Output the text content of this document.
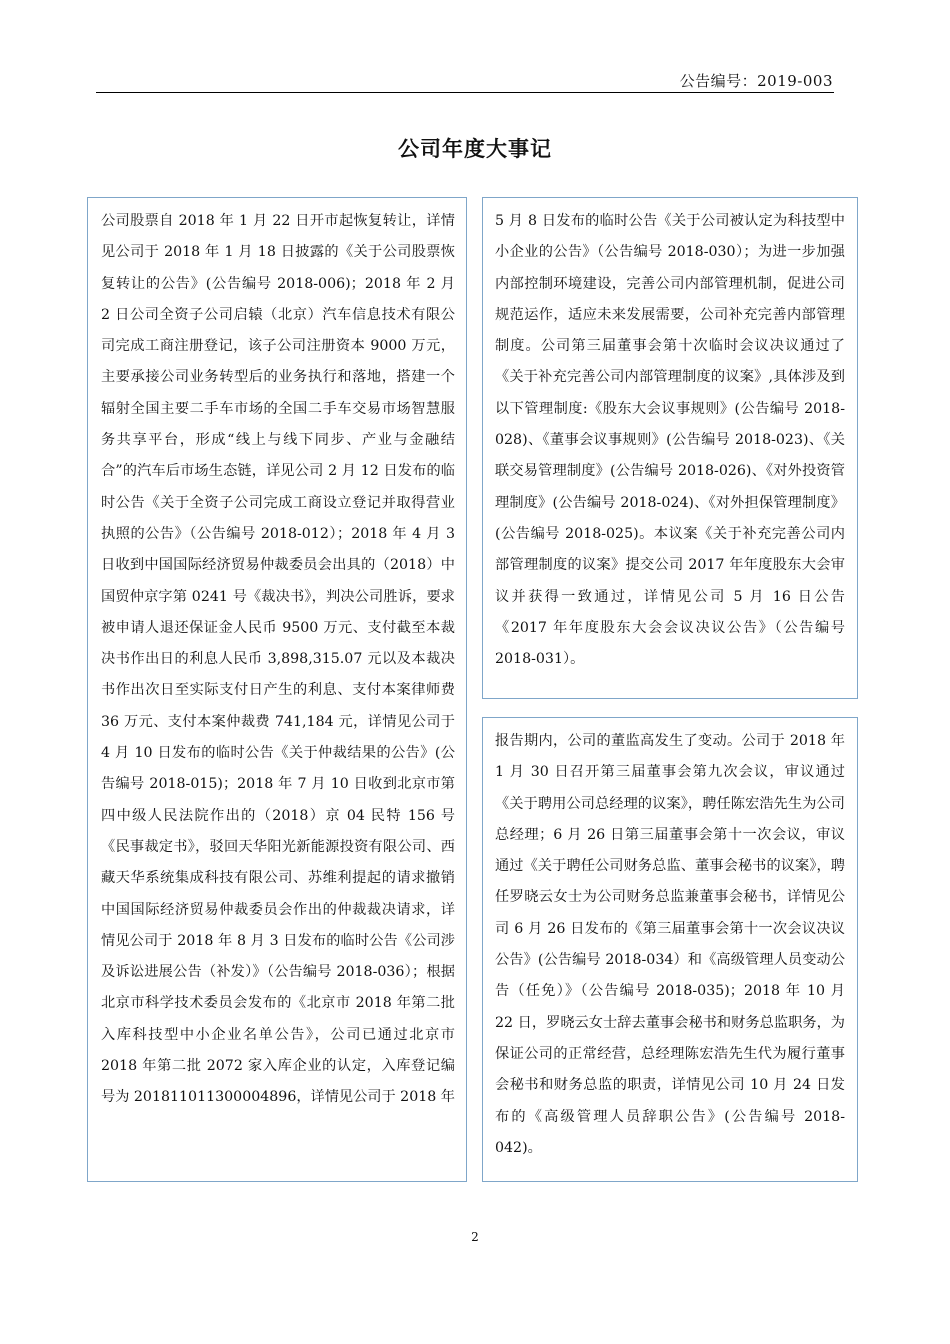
公告编号：2019-003
公司年度大事记

公司股票自 2018 年 1 月 22 日开市起恢复转让，详情见公司于 2018 年 1 月 18 日披露的《关于公司股票恢复转让的公告》(公告编号 2018-006)；2018 年 2 月 2 日公司全资子公司启辕（北京）汽车信息技术有限公司完成工商注册登记，该子公司注册资本 9000 万元，主要承接公司业务转型后的业务执行和落地，搭建一个辐射全国主要二手车市场的全国二手车交易市场智慧服务共享平台，形成“线上与线下同步、产业与金融结合”的汽车后市场生态链，详见公司 2 月 12 日发布的临时公告《关于全资子公司完成工商设立登记并取得营业执照的公告》（公告编号 2018-012）；2018 年 4 月 3 日收到中国国际经济贸易仲裁委员会出具的（2018）中国贸仲京字第 0241 号《裁决书》，判决公司胜诉，要求被申请人退还保证金人民币 9500 万元、支付截至本裁决书作出日的利息人民币 3,898,315.07 元以及本裁决书作出次日至实际支付日产生的利息、支付本案律师费 36 万元、支付本案仲裁费 741,184 元，详情见公司于 4 月 10 日发布的临时公告《关于仲裁结果的公告》(公告编号 2018-015)；2018 年 7 月 10 日收到北京市第四中级人民法院作出的（2018）京 04 民特 156 号《民事裁定书》，驳回天华阳光新能源投资有限公司、西藏天华系统集成科技有限公司、苏维利提起的请求撤销中国国际经济贸易仲裁委员会作出的仲裁裁决请求，详情见公司于 2018 年 8 月 3 日发布的临时公告《公司涉及诉讼进展公告（补发）》（公告编号 2018-036）；根据北京市科学技术委员会发布的《北京市 2018 年第二批入库科技型中小企业名单公告》，公司已通过北京市 2018 年第二批 2072 家入库企业的认定，入库登记编号为 20181101130000​4896，详情见公司于 2018 年

5 月 8 日发布的临时公告《关于公司被认定为科技型中小企业的公告》（公告编号 2018-030）；为进一步加强内部控制环境建设，完善公司内部管理机制，促进公司规范运作，适应未来发展需要，公司补充完善内部管理制度。公司第三届董事会第十次临时会议决议通过了《关于补充完善公司内部管理制度的议案》,具体涉及到以下管理制度:《股东大会议事规则》(公告编号 2018-028)、《董事会议事规则》(公告编号 2018-023)、《关联交易管理制度》(公告编号 2018-026)、《对外投资管理制度》(公告编号 2018-024)、《对外担保管理制度》(公告编号 2018-025)。本议案《关于补充完善公司内部管理制度的议案》提交公司 2017 年年度股东大会审议并获得一致通过，详情见公司 5 月 16 日公告《2017 年年度股东大会会议决议公告》（公告编号 2018-031）。

报告期内，公司的董监高发生了变动。公司于 2018 年 1 月 30 日召开第三届董事会第九次会议，审议通过《关于聘用公司总经理的议案》，聘任陈宏浩先生为公司总经理；6 月 26 日第三届董事会第十一次会议，审议通过《关于聘任公司财务总监、董事会秘书的议案》，聘任罗晓云女士为公司财务总监兼董事会秘书，详情见公司 6 月 26 日发布的《第三届董事会第十一次会议决议公告》(公告编号 2018-034）和《高级管理人员变动公告（任免）》（公告编号 2018-035)；2018 年 10 月 22 日，罗晓云女士辞去董事会秘书和财务总监职务，为保证公司的正常经营，总经理陈宏浩先生代为履行董事会秘书和财务总监的职责，详情见公司 10 月 24 日发布的《高级管理人员辞职公告》(公告编号 2018-042)。

2
